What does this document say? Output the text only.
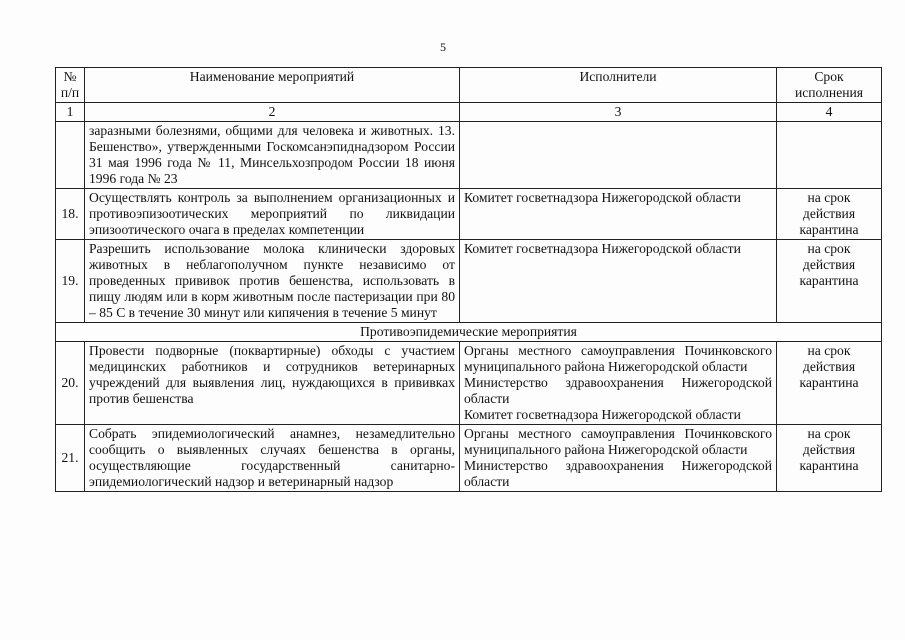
5
№ п/п	Наименование мероприятий	Исполнители	Срок исполнения
1	2	3	4
	заразными болезнями, общими для человека и животных. 13. Бешенство», утвержденными Госкомсанэпиднадзором России 31 мая 1996 года № 11, Минсельхозпродом России 18 июня 1996 года № 23		
18.	Осуществлять контроль за выполнением организационных и противоэпизоотических мероприятий по ликвидации эпизоотического очага в пределах компетенции	Комитет госветнадзора Нижегородской области	на срок действия карантина
19.	Разрешить использование молока клинически здоровых животных в неблагополучном пункте независимо от проведенных прививок против бешенства, использовать в пищу людям или в корм животным после пастеризации при 80 – 85 С в течение 30 минут или кипячения в течение 5 минут	Комитет госветнадзора Нижегородской области	на срок действия карантина
Противоэпидемические мероприятия			
20.	Провести подворные (поквартирные) обходы с участием медицинских работников и сотрудников ветеринарных учреждений для выявления лиц, нуждающихся в прививках против бешенства	Органы местного самоуправления Починковского муниципального района Нижегородской области
Министерство здравоохранения Нижегородской области
Комитет госветнадзора Нижегородской области	на срок действия карантина
21.	Собрать эпидемиологический анамнез, незамедлительно сообщить о выявленных случаях бешенства в органы, осуществляющие государственный санитарно-эпидемиологический надзор и ветеринарный надзор	Органы местного самоуправления Починковского муниципального района Нижегородской области
Министерство здравоохранения Нижегородской области	на срок действия карантина
